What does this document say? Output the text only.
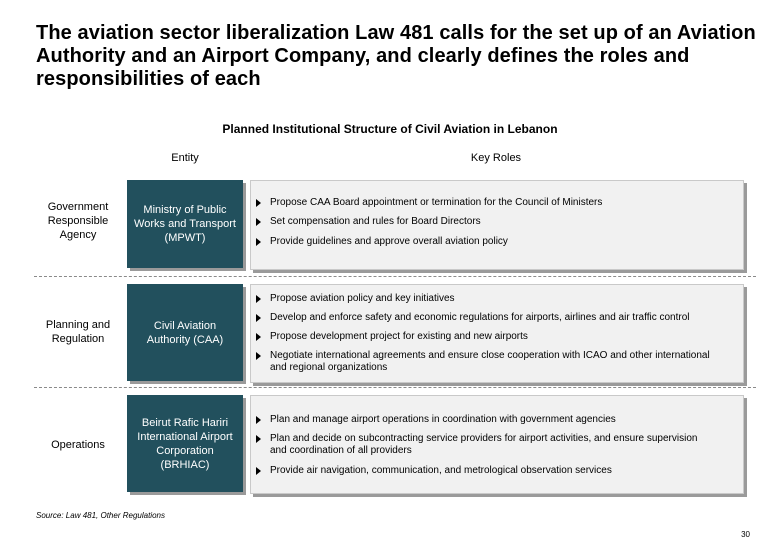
The aviation sector liberalization Law 481 calls for the set up of an Aviation Authority and an Airport Company, and clearly defines the roles and responsibilities of each
Planned Institutional Structure of Civil Aviation in Lebanon
Entity	Key Roles
Government Responsible Agency
Ministry of Public Works and Transport (MPWT)
Propose CAA Board appointment or termination for the Council of Ministers
Set compensation and rules for Board Directors
Provide guidelines and approve overall aviation policy
Planning and Regulation
Civil Aviation Authority (CAA)
Propose aviation policy and key initiatives
Develop and enforce safety and economic regulations for airports, airlines and air traffic control
Propose development project for existing and new airports
Negotiate international agreements and ensure close cooperation with ICAO and other international and regional organizations
Operations
Beirut Rafic Hariri International Airport Corporation (BRHIAC)
Plan and manage airport operations in coordination with government agencies
Plan and decide on subcontracting service providers for airport activities, and ensure supervision and coordination of all providers
Provide air navigation, communication, and metrological observation services
Source: Law 481, Other Regulations
30
